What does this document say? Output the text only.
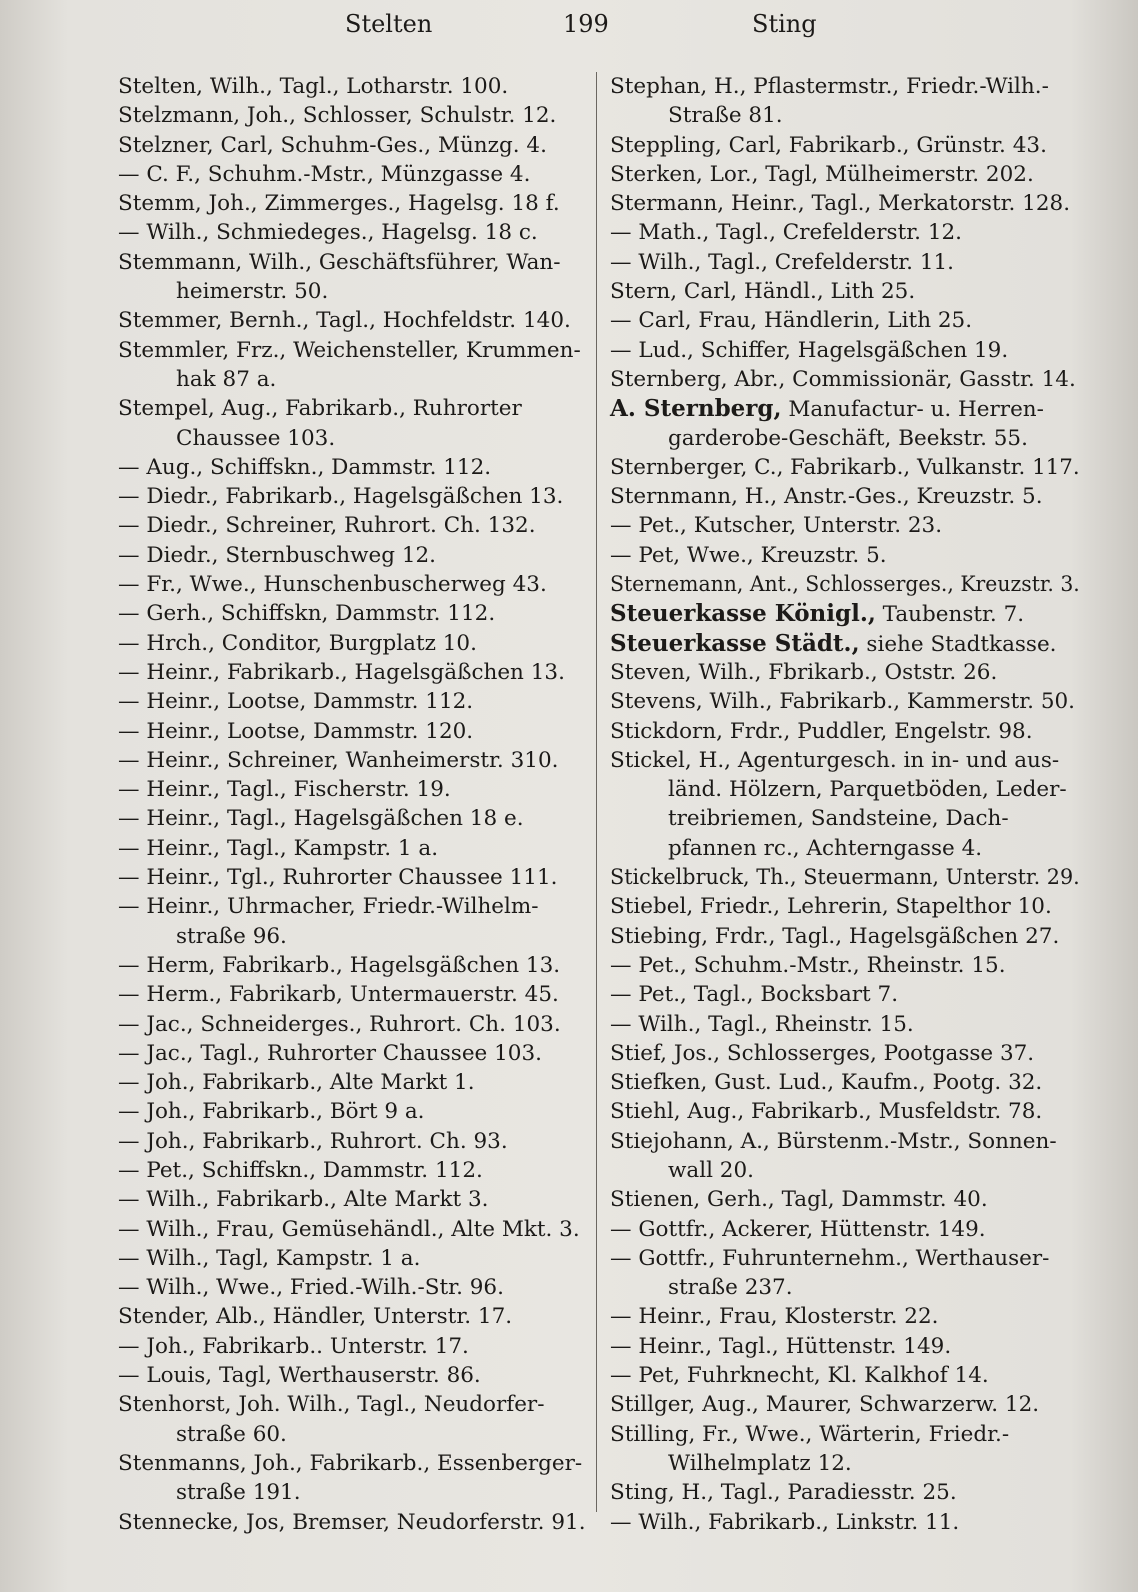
Stelten	199	Sting
Stelten, Wilh., Tagl., Lotharstr. 100.
Stelzmann, Joh., Schlosser, Schulstr. 12.
Stelzner, Carl, Schuhm-Ges., Münzg. 4.
— C. F., Schuhm.-Mstr., Münzgasse 4.
Stemm, Joh., Zimmerges., Hagelsg. 18 f.
— Wilh., Schmiedeges., Hagelsg. 18 c.
Stemmann, Wilh., Geschäftsführer, Wan-
heimerstr. 50.
Stemmer, Bernh., Tagl., Hochfeldstr. 140.
Stemmler, Frz., Weichensteller, Krummen-
hak 87 a.
Stempel, Aug., Fabrikarb., Ruhrorter
Chaussee 103.
— Aug., Schiffskn., Dammstr. 112.
— Diedr., Fabrikarb., Hagelsgäßchen 13.
— Diedr., Schreiner, Ruhrort. Ch. 132.
— Diedr., Sternbuschweg 12.
— Fr., Wwe., Hunschenbuscherweg 43.
— Gerh., Schiffskn, Dammstr. 112.
— Hrch., Conditor, Burgplatz 10.
— Heinr., Fabrikarb., Hagelsgäßchen 13.
— Heinr., Lootse, Dammstr. 112.
— Heinr., Lootse, Dammstr. 120.
— Heinr., Schreiner, Wanheimerstr. 310.
— Heinr., Tagl., Fischerstr. 19.
— Heinr., Tagl., Hagelsgäßchen 18 e.
— Heinr., Tagl., Kampstr. 1 a.
— Heinr., Tgl., Ruhrorter Chaussee 111.
— Heinr., Uhrmacher, Friedr.-Wilhelm-
straße 96.
— Herm, Fabrikarb., Hagelsgäßchen 13.
— Herm., Fabrikarb, Untermauerstr. 45.
— Jac., Schneiderges., Ruhrort. Ch. 103.
— Jac., Tagl., Ruhrorter Chaussee 103.
— Joh., Fabrikarb., Alte Markt 1.
— Joh., Fabrikarb., Bört 9 a.
— Joh., Fabrikarb., Ruhrort. Ch. 93.
— Pet., Schiffskn., Dammstr. 112.
— Wilh., Fabrikarb., Alte Markt 3.
— Wilh., Frau, Gemüsehändl., Alte Mkt. 3.
— Wilh., Tagl, Kampstr. 1 a.
— Wilh., Wwe., Fried.-Wilh.-Str. 96.
Stender, Alb., Händler, Unterstr. 17.
— Joh., Fabrikarb.. Unterstr. 17.
— Louis, Tagl, Werthauserstr. 86.
Stenhorst, Joh. Wilh., Tagl., Neudorfer-
straße 60.
Stenmanns, Joh., Fabrikarb., Essenberger-
straße 191.
Stennecke, Jos, Bremser, Neudorferstr. 91.
Stephan, H., Pflastermstr., Friedr.-Wilh.-
Straße 81.
Steppling, Carl, Fabrikarb., Grünstr. 43.
Sterken, Lor., Tagl, Mülheimerstr. 202.
Stermann, Heinr., Tagl., Merkatorstr. 128.
— Math., Tagl., Crefelderstr. 12.
— Wilh., Tagl., Crefelderstr. 11.
Stern, Carl, Händl., Lith 25.
— Carl, Frau, Händlerin, Lith 25.
— Lud., Schiffer, Hagelsgäßchen 19.
Sternberg, Abr., Commissionär, Gasstr. 14.
A. Sternberg, Manufactur- u. Herren-
garderobe-Geschäft, Beekstr. 55.
Sternberger, C., Fabrikarb., Vulkanstr. 117.
Sternmann, H., Anstr.-Ges., Kreuzstr. 5.
— Pet., Kutscher, Unterstr. 23.
— Pet, Wwe., Kreuzstr. 5.
Sternemann, Ant., Schlosserges., Kreuzstr. 3.
Steuerkasse Königl., Taubenstr. 7.
Steuerkasse Städt., siehe Stadtkasse.
Steven, Wilh., Fbrikarb., Oststr. 26.
Stevens, Wilh., Fabrikarb., Kammerstr. 50.
Stickdorn, Frdr., Puddler, Engelstr. 98.
Stickel, H., Agenturgesch. in in- und aus-
länd. Hölzern, Parquetböden, Leder-
treibriemen, Sandsteine, Dach-
pfannen rc., Achterngasse 4.
Stickelbruck, Th., Steuermann, Unterstr. 29.
Stiebel, Friedr., Lehrerin, Stapelthor 10.
Stiebing, Frdr., Tagl., Hagelsgäßchen 27.
— Pet., Schuhm.-Mstr., Rheinstr. 15.
— Pet., Tagl., Bocksbart 7.
— Wilh., Tagl., Rheinstr. 15.
Stief, Jos., Schlosserges, Pootgasse 37.
Stiefken, Gust. Lud., Kaufm., Pootg. 32.
Stiehl, Aug., Fabrikarb., Musfeldstr. 78.
Stiejohann, A., Bürstenm.-Mstr., Sonnen-
wall 20.
Stienen, Gerh., Tagl, Dammstr. 40.
— Gottfr., Ackerer, Hüttenstr. 149.
— Gottfr., Fuhrunternehm., Werthauser-
straße 237.
— Heinr., Frau, Klosterstr. 22.
— Heinr., Tagl., Hüttenstr. 149.
— Pet, Fuhrknecht, Kl. Kalkhof 14.
Stillger, Aug., Maurer, Schwarzerw. 12.
Stilling, Fr., Wwe., Wärterin, Friedr.-
Wilhelmplatz 12.
Sting, H., Tagl., Paradiesstr. 25.
— Wilh., Fabrikarb., Linkstr. 11.
